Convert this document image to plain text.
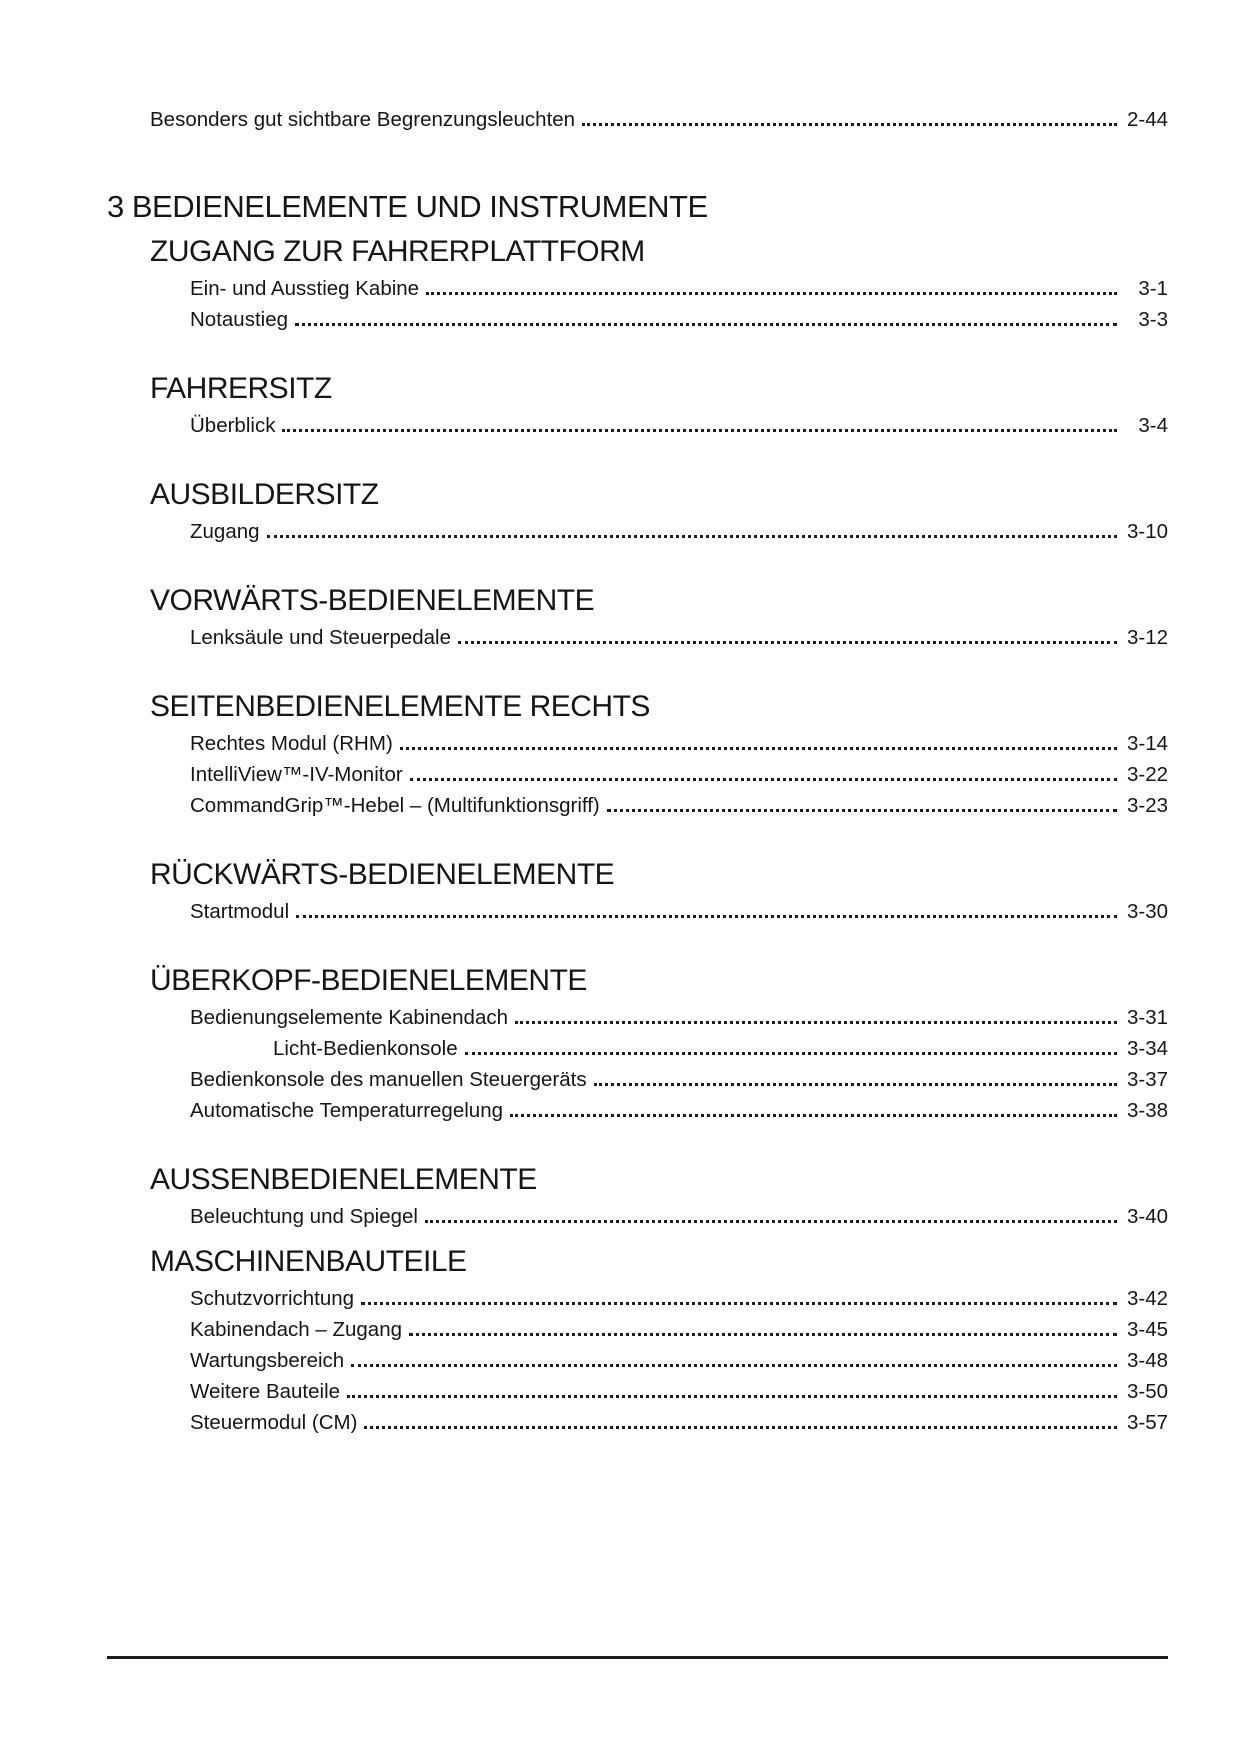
Besonders gut sichtbare Begrenzungsleuchten	2-44
3 BEDIENELEMENTE UND INSTRUMENTE
ZUGANG ZUR FAHRERPLATTFORM
Ein- und Ausstieg Kabine	3-1
Notaustieg	3-3
FAHRERSITZ
Überblick	3-4
AUSBILDERSITZ
Zugang	3-10
VORWÄRTS-BEDIENELEMENTE
Lenksäule und Steuerpedale	3-12
SEITENBEDIENELEMENTE RECHTS
Rechtes Modul (RHM)	3-14
IntelliView™-IV-Monitor	3-22
CommandGrip™-Hebel – (Multifunktionsgriff)	3-23
RÜCKWÄRTS-BEDIENELEMENTE
Startmodul	3-30
ÜBERKOPF-BEDIENELEMENTE
Bedienungselemente Kabinendach	3-31
Licht-Bedienkonsole	3-34
Bedienkonsole des manuellen Steuergeräts	3-37
Automatische Temperaturregelung	3-38
AUSSENBEDIENELEMENTE
Beleuchtung und Spiegel	3-40
MASCHINENBAUTEILE
Schutzvorrichtung	3-42
Kabinendach – Zugang	3-45
Wartungsbereich	3-48
Weitere Bauteile	3-50
Steuermodul (CM)	3-57
